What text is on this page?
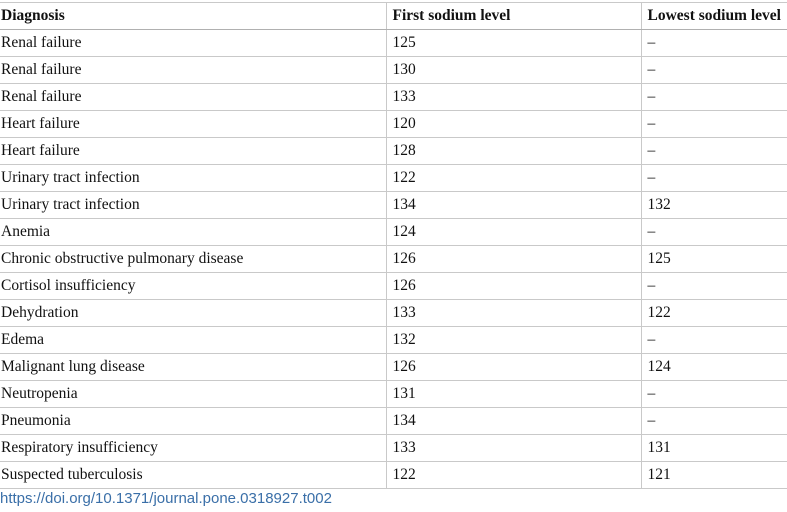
Diagnosis	First sodium level	Lowest sodium level
Renal failure	125	–
Renal failure	130	–
Renal failure	133	–
Heart failure	120	–
Heart failure	128	–
Urinary tract infection	122	–
Urinary tract infection	134	132
Anemia	124	–
Chronic obstructive pulmonary disease	126	125
Cortisol insufficiency	126	–
Dehydration	133	122
Edema	132	–
Malignant lung disease	126	124
Neutropenia	131	–
Pneumonia	134	–
Respiratory insufficiency	133	131
Suspected tuberculosis	122	121
https://doi.org/10.1371/journal.pone.0318927.t002
